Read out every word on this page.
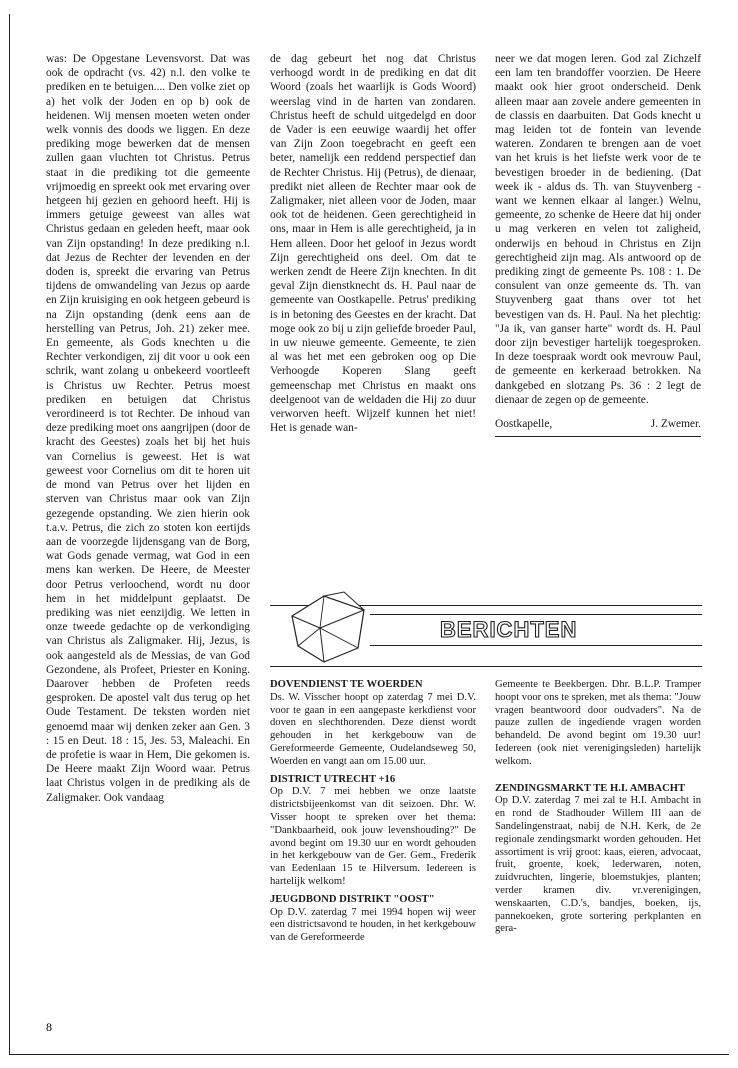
was: De Opgestane Levensvorst. Dat was ook de opdracht (vs. 42) n.l. den volke te prediken en te betuigen.... Den volke ziet op a) het volk der Joden en op b) ook de heidenen. Wij mensen moeten weten onder welk vonnis des doods we liggen. En deze prediking moge bewerken dat de mensen zullen gaan vluchten tot Christus. Petrus staat in die prediking tot die gemeente vrijmoedig en spreekt ook met ervaring over hetgeen hij gezien en gehoord heeft. Hij is immers getuige geweest van alles wat Christus gedaan en geleden heeft, maar ook van Zijn opstanding! In deze prediking n.l. dat Jezus de Rechter der levenden en der doden is, spreekt die ervaring van Petrus tijdens de omwandeling van Jezus op aarde en Zijn kruisiging en ook hetgeen gebeurd is na Zijn opstanding (denk eens aan de herstelling van Petrus, Joh. 21) zeker mee. En gemeente, als Gods knechten u die Rechter verkondigen, zij dit voor u ook een schrik, want zolang u onbekeerd voortleeft is Christus uw Rechter. Petrus moest prediken en betuigen dat Christus verordineerd is tot Rechter. De inhoud van deze prediking moet ons aangrijpen (door de kracht des Geestes) zoals het bij het huis van Cornelius is geweest. Het is wat geweest voor Cornelius om dit te horen uit de mond van Petrus over het lijden en sterven van Christus maar ook van Zijn gezegende opstanding. We zien hierin ook t.a.v. Petrus, die zich zo stoten kon eertijds aan de voorzegde lijdensgang van de Borg, wat Gods genade vermag, wat God in een mens kan werken. De Heere, de Meester door Petrus verloochend, wordt nu door hem in het middelpunt geplaatst. De prediking was niet eenzijdig. We letten in onze tweede gedachte op de verkondiging van Christus als Zaligmaker. Hij, Jezus, is ook aangesteld als de Messias, de van God Gezondene, als Profeet, Priester en Koning. Daarover hebben de Profeten reeds gesproken. De apostel valt dus terug op het Oude Testament. De teksten worden niet genoemd maar wij denken zeker aan Gen. 3 : 15 en Deut. 18 : 15, Jes. 53, Maleachi. En de profetie is waar in Hem, Die gekomen is. De Heere maakt Zijn Woord waar. Petrus laat Christus volgen in de prediking als de Zaligmaker. Ook vandaag

de dag gebeurt het nog dat Christus verhoogd wordt in de prediking en dat dit Woord (zoals het waarlijk is Gods Woord) weerslag vind in de harten van zondaren. Christus heeft de schuld uitgedelgd en door de Vader is een eeuwige waardij het offer van Zijn Zoon toegebracht en geeft een beter, namelijk een reddend perspectief dan de Rechter Christus. Hij (Petrus), de dienaar, predikt niet alleen de Rechter maar ook de Zaligmaker, niet alleen voor de Joden, maar ook tot de heidenen. Geen gerechtigheid in ons, maar in Hem is alle gerechtigheid, ja in Hem alleen. Door het geloof in Jezus wordt Zijn gerechtigheid ons deel. Om dat te werken zendt de Heere Zijn knechten. In dit geval Zijn dienstknecht ds. H. Paul naar de gemeente van Oostkapelle. Petrus' prediking is in betoning des Geestes en der kracht. Dat moge ook zo bij u zijn geliefde broeder Paul, in uw nieuwe gemeente. Gemeente, te zien al was het met een gebroken oog op Die Verhoogde Koperen Slang geeft gemeenschap met Christus en maakt ons deelgenoot van de weldaden die Hij zo duur verworven heeft. Wijzelf kunnen het niet! Het is genade wan-

neer we dat mogen leren. God zal Zichzelf een lam ten brandoffer voorzien. De Heere maakt ook hier groot onderscheid. Denk alleen maar aan zovele andere gemeenten in de classis en daarbuiten. Dat Gods knecht u mag leiden tot de fontein van levende wateren. Zondaren te brengen aan de voet van het kruis is het liefste werk voor de te bevestigen broeder in de bediening. (Dat week ik - aldus ds. Th. van Stuyvenberg - want we kennen elkaar al langer.) Welnu, gemeente, zo schenke de Heere dat hij onder u mag verkeren en velen tot zaligheid, onderwijs en behoud in Christus en Zijn gerechtigheid zijn mag. Als antwoord op de prediking zingt de gemeente Ps. 108 : 1. De consulent van onze gemeente ds. Th. van Stuyvenberg gaat thans over tot het bevestigen van ds. H. Paul. Na het plechtig: "Ja ik, van ganser harte" wordt ds. H. Paul door zijn bevestiger hartelijk toegesproken. In deze toespraak wordt ook mevrouw Paul, de gemeente en kerkeraad betrokken. Na dankgebed en slotzang Ps. 36 : 2 legt de dienaar de zegen op de gemeente.

Oostkapelle,	J. Zwemer.
BERICHTEN
DOVENDIENST TE WOERDEN
Ds. W. Visscher hoopt op zaterdag 7 mei D.V. voor te gaan in een aangepaste kerkdienst voor doven en slechthorenden. Deze dienst wordt gehouden in het kerkgebouw van de Gereformeerde Gemeente, Oudelandseweg 50, Woerden en vangt aan om 15.00 uur.
DISTRICT UTRECHT +16
Op D.V. 7 mei hebben we onze laatste districtsbijeenkomst van dit seizoen. Dhr. W. Visser hoopt te spreken over het thema: "Dankbaarheid, ook jouw levenshouding?" De avond begint om 19.30 uur en wordt gehouden in het kerkgebouw van de Ger. Gem., Frederik van Eedenlaan 15 te Hilversum. Iedereen is hartelijk welkom!
JEUGDBOND DISTRIKT "OOST"
Op D.V. zaterdag 7 mei 1994 hopen wij weer een districtsavond te houden, in het kerkgebouw van de Gereformeerde
Gemeente te Beekbergen. Dhr. B.L.P. Tramper hoopt voor ons te spreken, met als thema: "Jouw vragen beantwoord door oudvaders". Na de pauze zullen de ingediende vragen worden behandeld. De avond begint om 19.30 uur! Iedereen (ook niet verenigingsleden) hartelijk welkom.
ZENDINGSMARKT TE H.I. AMBACHT
Op D.V. zaterdag 7 mei zal te H.I. Ambacht in en rond de Stadhouder Willem III aan de Sandelingenstraat, nabij de N.H. Kerk, de 2e regionale zendingsmarkt worden gehouden. Het assortiment is vrij groot: kaas, eieren, advocaat, fruit, groente, koek, lederwaren, noten, zuidvruchten, lingerie, bloemstukjes, planten; verder kramen div. vr.verenigingen, wenskaarten, C.D.'s, bandjes, boeken, ijs, pannekoeken, grote sortering perkplanten en gera-
8
